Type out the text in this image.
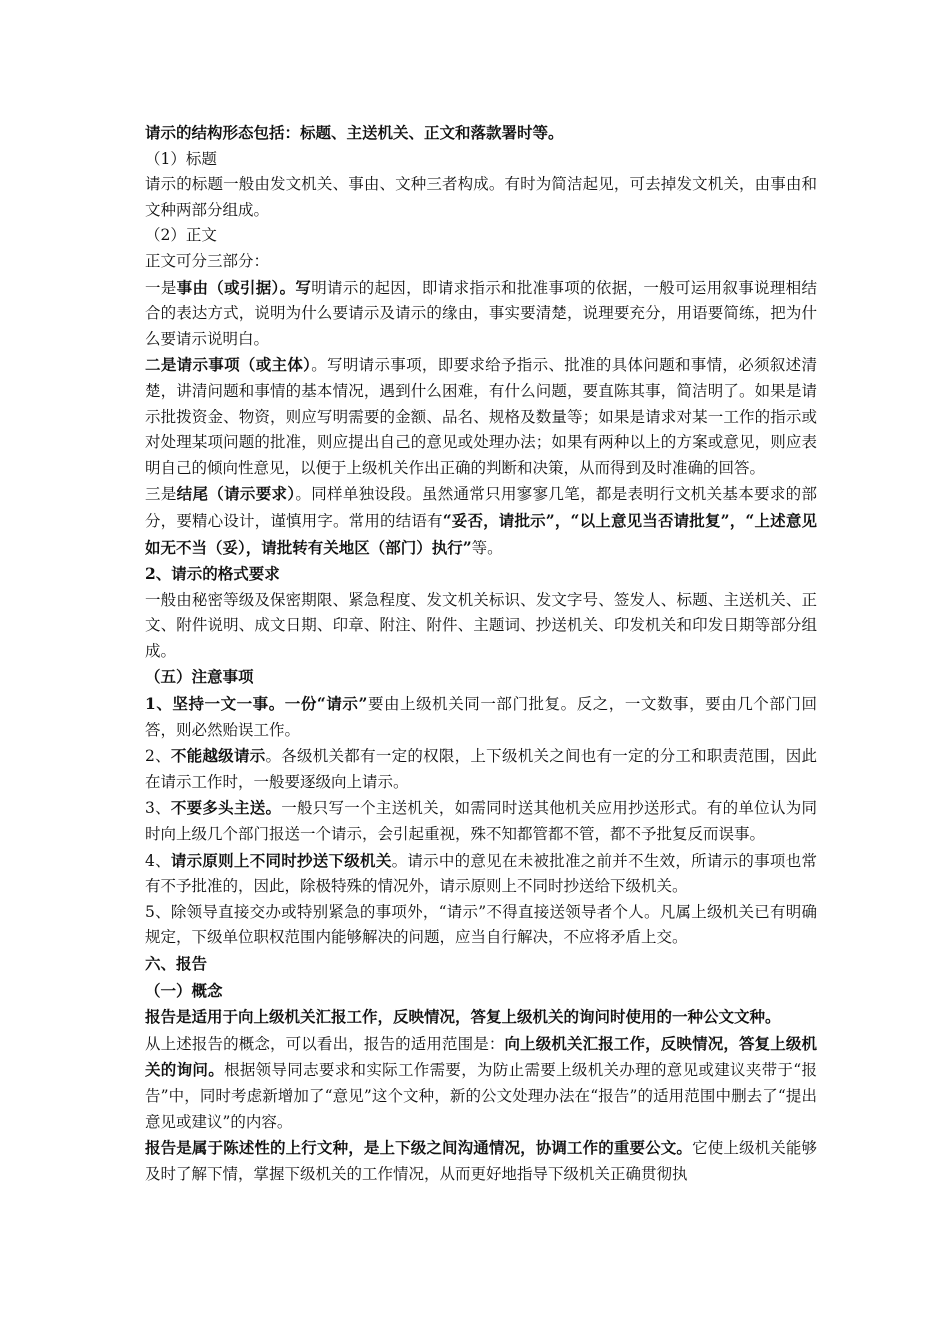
请示的结构形态包括：标题、主送机关、正文和落款署时等。

（1）标题

请示的标题一般由发文机关、事由、文种三者构成。有时为简洁起见，可去掉发文机关，由事由和文种两部分组成。

（2）正文

正文可分三部分：

一是事由（或引据）。写明请示的起因，即请求指示和批准事项的依据，一般可运用叙事说理相结合的表达方式，说明为什么要请示及请示的缘由，事实要清楚，说理要充分，用语要简练，把为什么要请示说明白。

二是请示事项（或主体）。写明请示事项，即要求给予指示、批准的具体问题和事情，必须叙述清楚，讲清问题和事情的基本情况，遇到什么困难，有什么问题，要直陈其事，简洁明了。如果是请示批拨资金、物资，则应写明需要的金额、品名、规格及数量等；如果是请求对某一工作的指示或对处理某项问题的批准，则应提出自己的意见或处理办法；如果有两种以上的方案或意见，则应表明自己的倾向性意见，以便于上级机关作出正确的判断和决策，从而得到及时准确的回答。

三是结尾（请示要求）。同样单独设段。虽然通常只用寥寥几笔，都是表明行文机关基本要求的部分，要精心设计，谨慎用字。常用的结语有“妥否，请批示”，“以上意见当否请批复”，“上述意见如无不当（妥），请批转有关地区（部门）执行”等。

2、请示的格式要求

一般由秘密等级及保密期限、紧急程度、发文机关标识、发文字号、签发人、标题、主送机关、正文、附件说明、成文日期、印章、附注、附件、主题词、抄送机关、印发机关和印发日期等部分组成。

（五）注意事项

1、坚持一文一事。一份“请示”要由上级机关同一部门批复。反之，一文数事，要由几个部门回答，则必然贻误工作。

2、不能越级请示。各级机关都有一定的权限，上下级机关之间也有一定的分工和职责范围，因此在请示工作时，一般要逐级向上请示。

3、不要多头主送。一般只写一个主送机关，如需同时送其他机关应用抄送形式。有的单位认为同时向上级几个部门报送一个请示，会引起重视，殊不知都管都不管，都不予批复反而误事。

4、请示原则上不同时抄送下级机关。请示中的意见在未被批准之前并不生效，所请示的事项也常有不予批准的，因此，除极特殊的情况外，请示原则上不同时抄送给下级机关。

5、除领导直接交办或特别紧急的事项外，“请示”不得直接送领导者个人。凡属上级机关已有明确规定，下级单位职权范围内能够解决的问题，应当自行解决，不应将矛盾上交。

六、报告

（一）概念

报告是适用于向上级机关汇报工作，反映情况，答复上级机关的询问时使用的一种公文文种。

从上述报告的概念，可以看出，报告的适用范围是：向上级机关汇报工作，反映情况，答复上级机关的询问。根据领导同志要求和实际工作需要，为防止需要上级机关办理的意见或建议夹带于“报告”中，同时考虑新增加了“意见”这个文种，新的公文处理办法在“报告”的适用范围中删去了“提出意见或建议”的内容。

报告是属于陈述性的上行文种，是上下级之间沟通情况，协调工作的重要公文。它使上级机关能够及时了解下情，掌握下级机关的工作情况，从而更好地指导下级机关正确贯彻执
